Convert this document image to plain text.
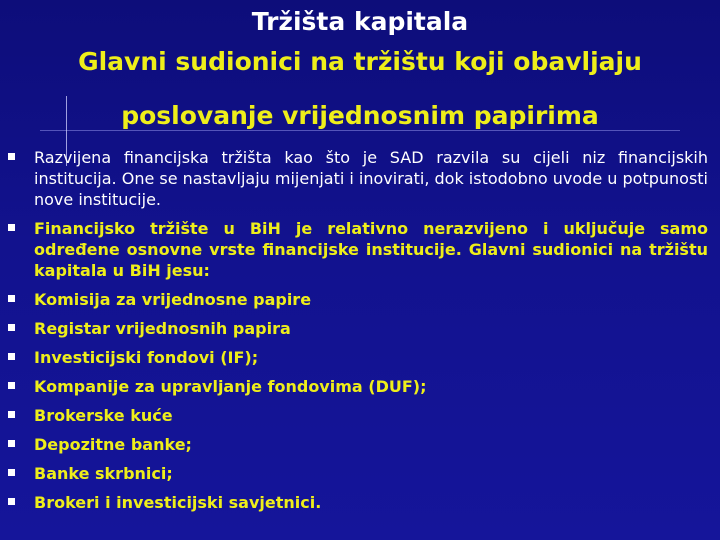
Tržišta kapitala
Glavni sudionici na tržištu koji obavljaju
poslovanje vrijednosnim papirima
Razvijena financijska tržišta kao što je SAD razvila su cijeli niz financijskih institucija. One se nastavljaju mijenjati i inovirati, dok istodobno uvode u potpunosti nove institucije.
Financijsko tržište u BiH je relativno nerazvijeno i uključuje samo određene osnovne vrste financijske institucije. Glavni sudionici na tržištu kapitala u BiH jesu:
Komisija za vrijednosne papire
Registar vrijednosnih papira
Investicijski fondovi (IF);
Kompanije za upravljanje fondovima (DUF);
Brokerske kuće
Depozitne banke;
Banke skrbnici;
Brokeri i investicijski savjetnici.
